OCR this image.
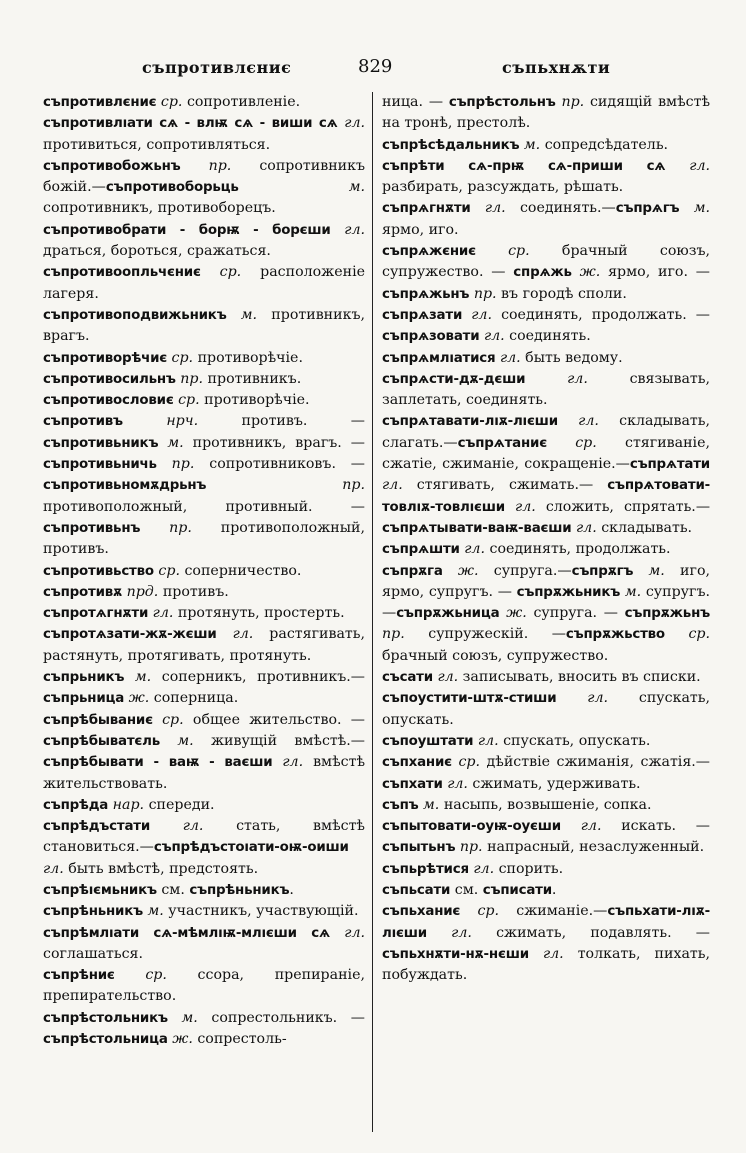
съпротивлєниє	829	съпьхнѫти
съпротивлєниє ср. сопротивленіе.
съпротивлıати сѧ - влѭ сѧ - виши сѧ гл. противиться, сопротивляться.
съпротивобожьнъ пр. сопротивникъ божій.—съпротивоборьць	м. сопротивникъ, противоборецъ.
съпротивобрати - борѭ - борєши гл. драться, бороться, сражаться.
съпротивоопльчєниє ср. расположеніе лагеря.
съпротивоподвижьникъ м. противникъ, врагъ.
съпротиворѣчиє ср. противорѣчіе.
съпротивосильнъ пр. противникъ.
съпротивословиє ср. противорѣчіе.
съпротивъ	нрч. противъ. — съпротивьникъ м. противникъ, врагъ. — съпротивьничь пр. сопротивниковъ. — съпротивьномѫдрьнъ	пр. противоположный, противный. — съпротивьнъ пр. противоположный, противъ.
съпротивьство ср. соперничество.
съпротивѫ прд. противъ.
съпротѧгнѫти гл. протянуть, простерть.
съпротѧзати-жѫ-жєши гл. растягивать, растянуть, протягивать, протянуть.
съпрьникъ м. соперникъ, противникъ.—съпрьница ж. соперница.
съпрѣбываниє ср. общее жительство. —съпрѣбыватєль м. живущій вмѣстѣ.—съпрѣбывати - ваѭ - ваєши гл. вмѣстѣ жительствовать.
съпрѣда нар. спереди.
съпрѣдъстати гл. стать, вмѣстѣ становиться.—съпрѣдъстоıати-оѭ-оиши гл. быть вмѣстѣ, предстоять.
съпрѣıємьникъ см. съпрѣньникъ.
съпрѣньникъ м. участникъ, участвующій.
съпрѣмлıати сѧ-мѣмлıѭ-млıєши сѧ гл. соглашаться.
съпрѣниє ср. ссора, препираніе, препирательство.
съпрѣстольникъ м. сопрестольникъ. —съпрѣстольница ж. сопрестоль-
ница. — съпрѣстольнъ пр. сидящій вмѣстѣ на тронѣ, престолѣ.
съпрѣсѣдальникъ м. сопредсѣдатель.
съпрѣти сѧ-прѭ сѧ-приши сѧ гл. разбирать, разсуждать, рѣшать.
съпрѧгнѫти гл. соединять.—съпрѧгъ м. ярмо, иго.
съпрѧжєниє ср. брачный союзъ, супружество. — спрѧжь ж. ярмо, иго. — съпрѧжьнъ пр. въ городѣ споли.
съпрѧзати гл. соединять, продолжать. —съпрѧзовати гл. соединять.
съпрѧмлıатися гл. быть ведому.
съпрѧсти-дѫ-дєши	гл. связывать, заплетать, соединять.
съпрѧтавати-лıѫ-лıєши гл. складывать, слагать.—съпрѧтаниє ср. стягиваніе, сжатіе, сжиманіе, сокращеніе.—съпрѧтати гл. стягивать, сжимать.— съпрѧтовати-товлıѫ-товлıєши гл. сложить, спрятать.—съпрѧтывати-ваѭ-ваєши гл. складывать.
съпрѧшти гл. соединять, продолжать.
съпрѫга ж. супруга.—съпрѫгъ м. иго, ярмо, супругъ. — съпрѫжьникъ м. супругъ.—съпрѫжьница ж. супруга. — съпрѫжьнъ пр. супружескій. —съпрѫжьство ср. брачный союзъ, супружество.
съсати гл. записывать, вносить въ списки.
съпоустити-штѫ-стиши гл. спускать, опускать.
съпоуштати гл. спускать, опускать.
съпханиє ср. дѣйствіе сжиманія, сжатія.—съпхати гл. сжимать, удерживать.
съпъ м. насыпь, возвышеніе, сопка.
съпытовати-оуѭ-оуєши гл. искать. — съпытьнъ пр. напрасный, незаслуженный.
съпьрѣтися гл. спорить.
съпьсати см. съписати.
съпьханиє ср. сжиманіе.—съпьхати-лıѫ-лıєши гл. сжимать, подавлять. — съпьхнѫти-нѫ-нєши гл. толкать, пихать, побуждать.
